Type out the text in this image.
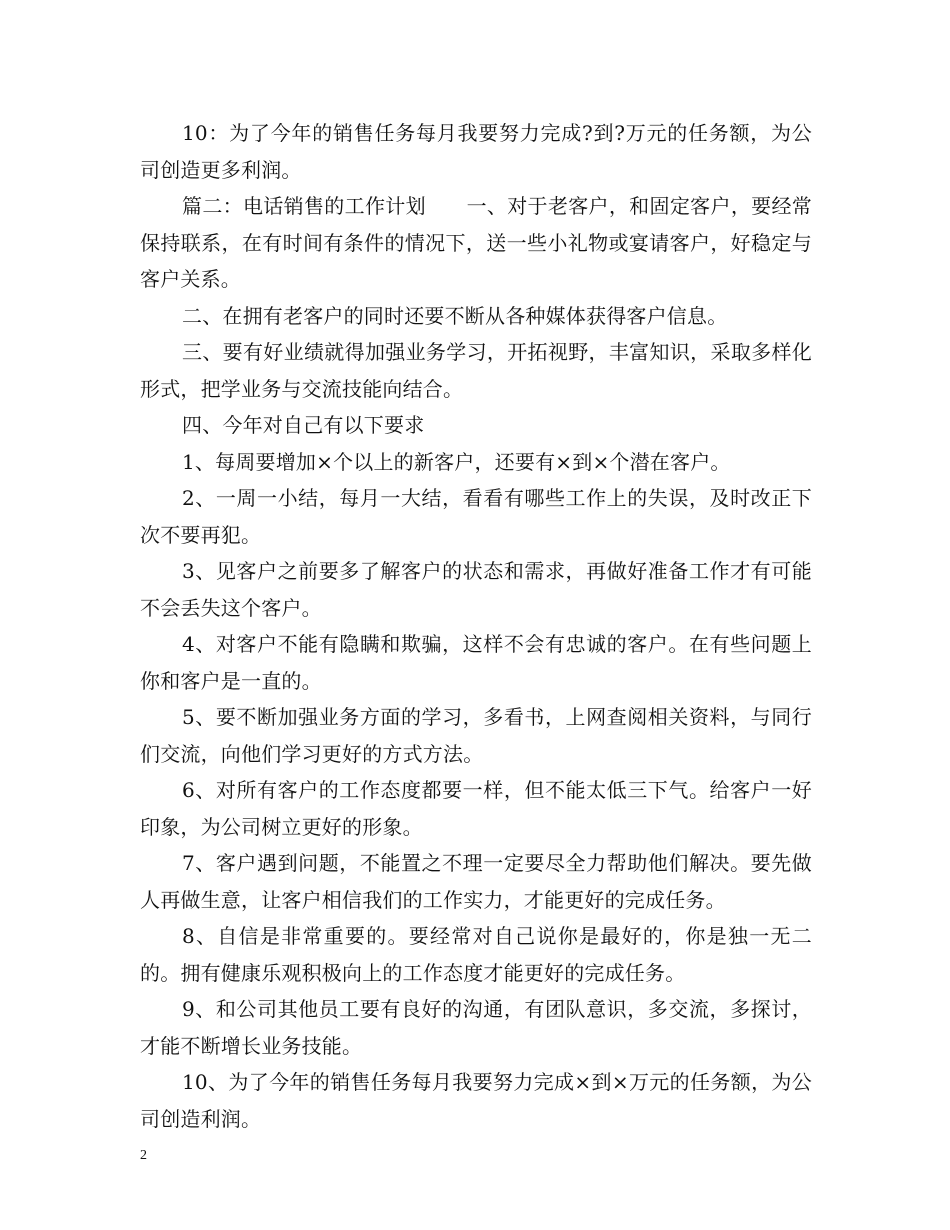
10：为了今年的销售任务每月我要努力完成?到?万元的任务额，为公司创造更多利润。

篇二：电话销售的工作计划　　一、对于老客户，和固定客户，要经常保持联系，在有时间有条件的情况下，送一些小礼物或宴请客户，好稳定与客户关系。

二、在拥有老客户的同时还要不断从各种媒体获得客户信息。

三、要有好业绩就得加强业务学习，开拓视野，丰富知识，采取多样化形式，把学业务与交流技能向结合。

四、今年对自己有以下要求

1、每周要增加×个以上的新客户，还要有×到×个潜在客户。

2、一周一小结，每月一大结，看看有哪些工作上的失误，及时改正下次不要再犯。

3、见客户之前要多了解客户的状态和需求，再做好准备工作才有可能不会丢失这个客户。

4、对客户不能有隐瞒和欺骗，这样不会有忠诚的客户。在有些问题上你和客户是一直的。

5、要不断加强业务方面的学习，多看书，上网查阅相关资料，与同行们交流，向他们学习更好的方式方法。

6、对所有客户的工作态度都要一样，但不能太低三下气。给客户一好印象，为公司树立更好的形象。

7、客户遇到问题，不能置之不理一定要尽全力帮助他们解决。要先做人再做生意，让客户相信我们的工作实力，才能更好的完成任务。

8、自信是非常重要的。要经常对自己说你是最好的，你是独一无二的。拥有健康乐观积极向上的工作态度才能更好的完成任务。

9、和公司其他员工要有良好的沟通，有团队意识，多交流，多探讨，才能不断增长业务技能。

10、为了今年的销售任务每月我要努力完成×到×万元的任务额，为公司创造利润。

2
